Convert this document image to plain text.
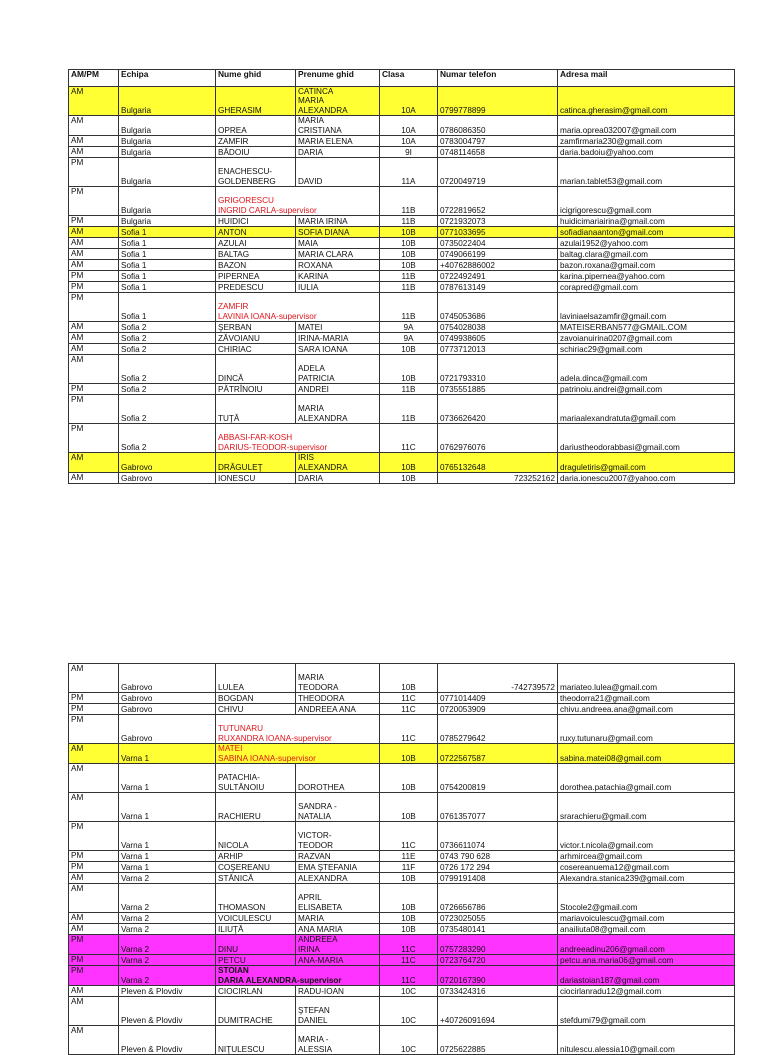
AM/PM	Echipa	Nume ghid	Prenume ghid	Clasa	Numar telefon	Adresa mail
AM	Bulgaria	GHERASIM	CATINCA
MARIA
ALEXANDRA	10A	0799778899	catinca.gherasim@gmail.com
AM	Bulgaria	OPREA	MARIA
CRISTIANA	10A	0786086350	maria.oprea032007@gmail.com
AM	Bulgaria	ZAMFIR	MARIA ELENA	10A	0783004797	zamfirmaria230@gmail.com
AM	Bulgaria	BĂDOIU	DARIA	9I	0748114658	daria.badoiu@yahoo.com
PM	Bulgaria	ENACHESCU-
GOLDENBERG	DAVID	11A	0720049719	marian.tablet53@gmail.com
PM	Bulgaria	GRIGORESCU
INGRID CARLA-supervisor		11B	0722819652	icigrigorescu@gmail.com
PM	Bulgaria	HUIDICI	MARIA IRINA	11B	0721932073	huidicimariairina@gmail.com
AM	Sofia 1	ANTON	SOFIA DIANA	10B	0771033695	sofiadianaanton@gmail.com
AM	Sofia 1	AZULAI	MAIA	10B	0735022404	azulai1952@yahoo.com
AM	Sofia 1	BALTAG	MARIA CLARA	10B	0749066199	baltag.clara@gmail.com
AM	Sofia 1	BAZON	ROXANA	10B	+40762886002	bazon.roxana@gmail.com
PM	Sofia 1	PIPERNEA	KARINA	11B	0722492491	karina.pipernea@yahoo.com
PM	Sofia 1	PREDESCU	IULIA	11B	0787613149	corapred@gmail.com
PM	Sofia 1	ZAMFIR
LAVINIA IOANA-supervisor		11B	0745053686	laviniaelsazamfir@gmail.com
AM	Sofia 2	ŞERBAN	MATEI	9A	0754028038	MATEISERBAN577@GMAIL.COM
AM	Sofia 2	ZĂVOIANU	IRINA-MARIA	9A	0749938605	zavoianuirina0207@gmail.com
AM	Sofia 2	CHIRIAC	SARA IOANA	10B	0773712013	schiriac29@gmail.com
AM	Sofia 2	DINCĂ	ADELA
PATRICIA	10B	0721793310	adela.dinca@gmail.com
PM	Sofia 2	PĂTRÎNOIU	ANDREI	11B	0735551885	patrinoiu.andrei@gmail.com
PM	Sofia 2	TUŢĂ	MARIA
ALEXANDRA	11B	0736626420	mariaalexandratuta@gmail.com
PM	Sofia 2	ABBASI-FAR-KOSH
DARIUS-TEODOR-supervisor		11C	0762976076	dariustheodorabbasi@gmail.com
AM	Gabrovo	DRĂGULEŢ	IRIS
ALEXANDRA	10B	0765132648	draguletiris@gmail.com
AM	Gabrovo	IONESCU	DARIA	10B	723252162	daria.ionescu2007@yahoo.com
AM	Gabrovo	LULEA	MARIA
TEODORA	10B	-742739572	mariateo.lulea@gmail.com
PM	Gabrovo	BOGDAN	THEODORA	11C	0771014409	theodorra21@gmail.com
PM	Gabrovo	CHIVU	ANDREEA ANA	11C	0720053909	chivu.andreea.ana@gmail.com
PM	Gabrovo	TUTUNARU
RUXANDRA IOANA-supervisor		11C	0785279642	ruxy.tutunaru@gmail.com
AM	Varna 1	MATEI
SABINA IOANA-supervisor		10B	0722567587	sabina.matei08@gmail.com
AM	Varna 1	PATACHIA-
SULTĂNOIU	DOROTHEA	10B	0754200819	dorothea.patachia@gmail.com
AM	Varna 1	RACHIERU	SANDRA -
NATALIA	10B	0761357077	srarachieru@gmail.com
PM	Varna 1	NICOLA	VICTOR-
TEODOR	11C	0736611074	victor.t.nicola@gmail.com
PM	Varna 1	ARHIP	RAZVAN	11E	0743 790 628	arhmircea@gmail.com
PM	Varna 1	COŞEREANU	EMA ŞTEFANIA	11F	0726 172 294	cosereanuema12@gmail.com
AM	Varna 2	STĂNICĂ	ALEXANDRA	10B	0799191408	Alexandra.stanica239@gmail.com
AM	Varna 2	THOMASON	APRIL
ELISABETA	10B	0726656786	Stocole2@gmail.com
AM	Varna 2	VOICULESCU	MARIA	10B	0723025055	mariavoiculescu@gmail.com
AM	Varna 2	ILIUŢĂ	ANA MARIA	10B	0735480141	anailiuta08@gmail.com
PM	Varna 2	DINU	ANDREEA
IRINA	11C	0757283290	andreeadinu206@gmail.com
PM	Varna 2	PETCU	ANA-MARIA	11C	0723764720	petcu.ana.maria06@gmail.com
PM	Varna 2	STOIAN
DARIA ALEXANDRA-supervisor		11C	0720167390	dariastoian187@gmail.com
AM	Pleven & Plovdiv	CIOCIRLAN	RADU-IOAN	10C	0733424316	ciocirlanradu12@gmail.com
AM	Pleven & Plovdiv	DUMITRACHE	ŞTEFAN
DANIEL	10C	+40726091694	stefdumi79@gmail.com
AM	Pleven & Plovdiv	NIŢULESCU	MARIA -
ALESSIA	10C	0725622885	nitulescu.alessia10@gmail.com
